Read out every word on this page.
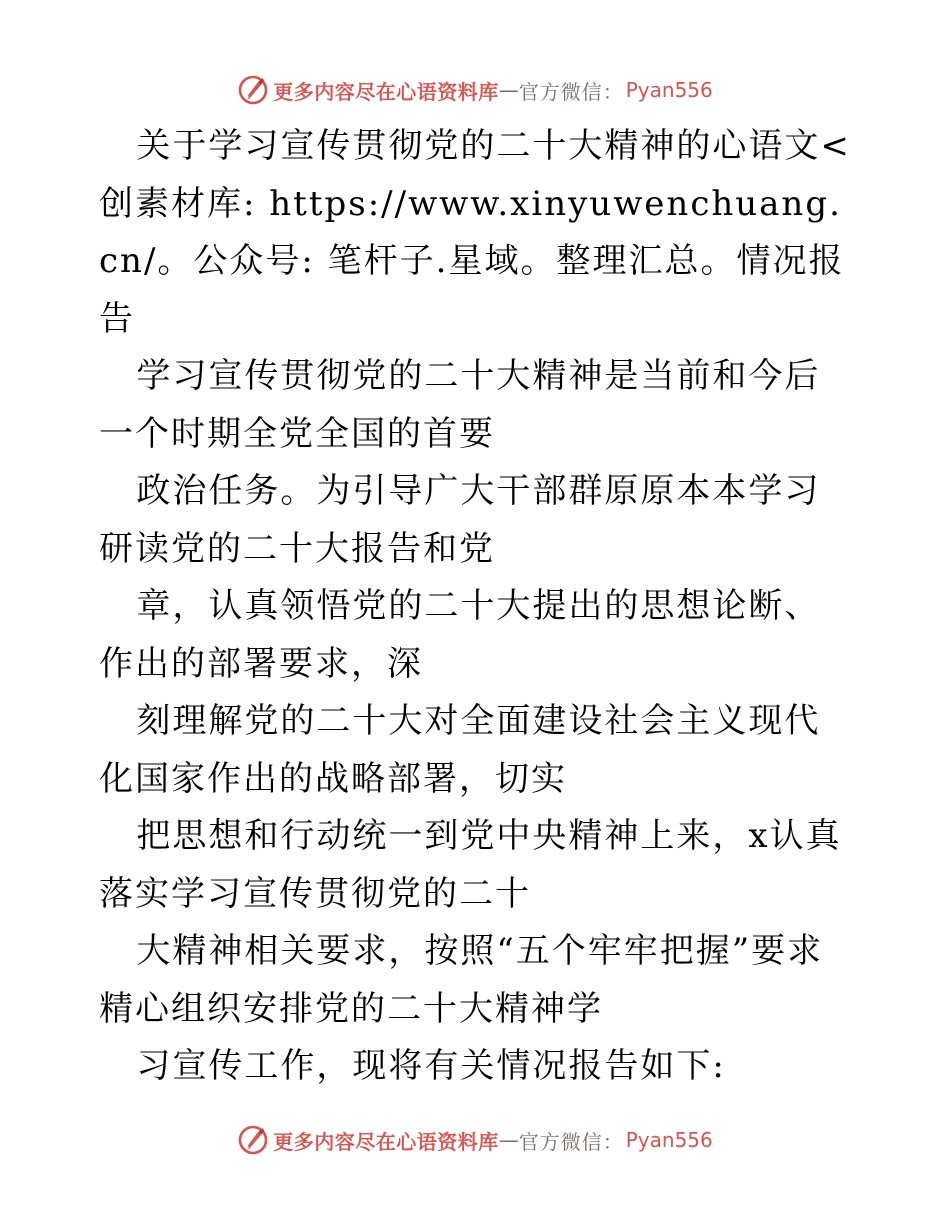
更多内容尽在心语资料库 — 官方微信： Pyan556

关于学习宣传贯彻党的二十大精神的心语文<创素材库: https://www.xinyuwenchuang.cn/。公众号: 笔杆子.星域。整理汇总。情况报告

学习宣传贯彻党的二十大精神是当前和今后一个时期全党全国的首要

政治任务。为引导广大干部群原原本本学习研读党的二十大报告和党

章，认真领悟党的二十大提出的思想论断、作出的部署要求，深

刻理解党的二十大对全面建设社会主义现代化国家作出的战略部署，切实

把思想和行动统一到党中央精神上来，x认真落实学习宣传贯彻党的二十

大精神相关要求，按照“五个牢牢把握”要求精心组织安排党的二十大精神学

习宣传工作，现将有关情况报告如下:

更多内容尽在心语资料库 — 官方微信： Pyan556
